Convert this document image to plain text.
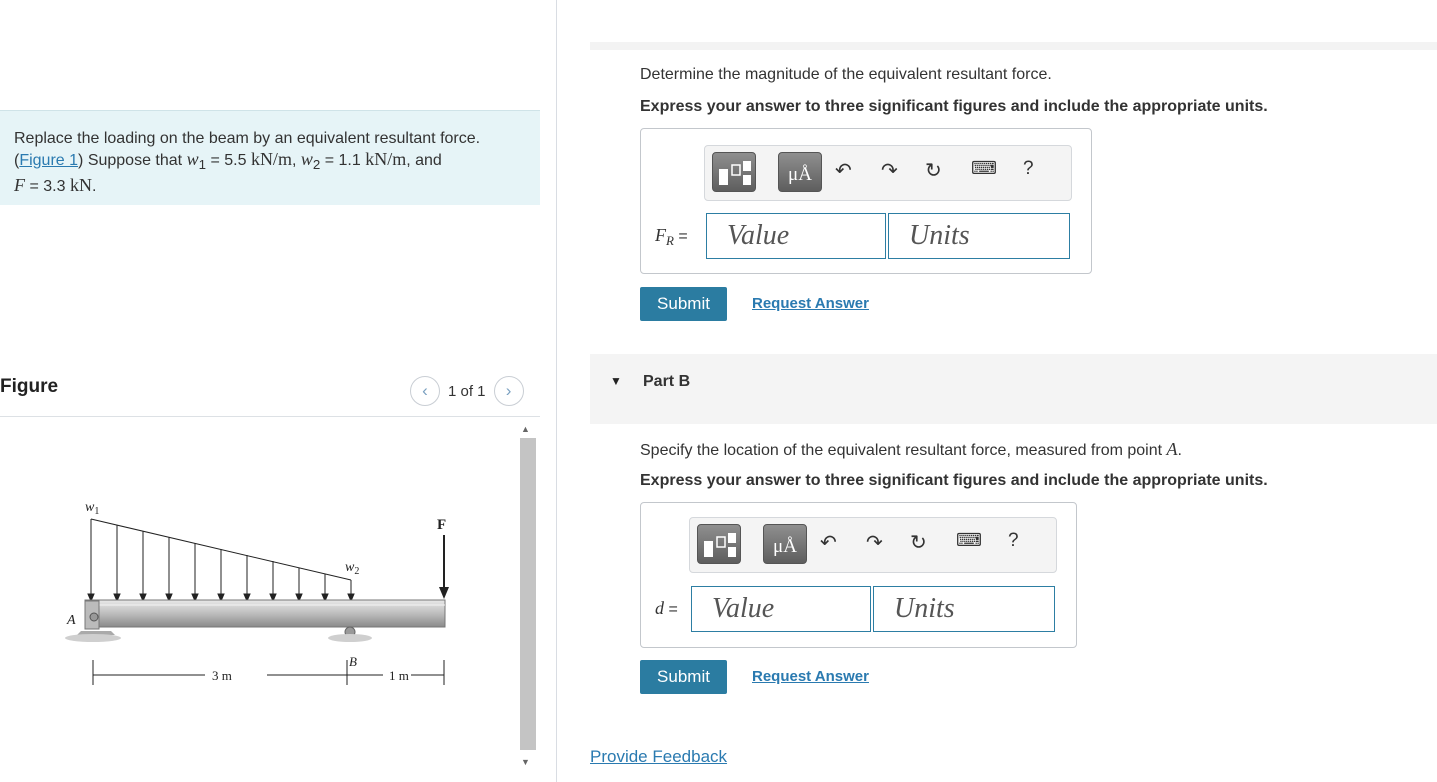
Replace the loading on the beam by an equivalent resultant force.
(Figure 1) Suppose that $w_1 = 5.5$ kN/m, $w_2 = 1.1$ kN/m, and
F = 3.3 kN.
Figure	‹ 1 of 1 ›
$w_1$
$w_2$
F
A
B
3 m	1 m
▲
▼
Determine the magnitude of the equivalent resultant force.
Express your answer to three significant figures and include the appropriate units.
μÅ	↶ ↷ ↻ ⌨ ?
$F_R$ =	Value	Units
Submit	Request Answer
▼ Part B
Specify the location of the equivalent resultant force, measured from point A.
Express your answer to three significant figures and include the appropriate units.
μÅ	↶ ↷ ↻ ⌨ ?
d =	Value	Units
Submit	Request Answer
Provide Feedback
